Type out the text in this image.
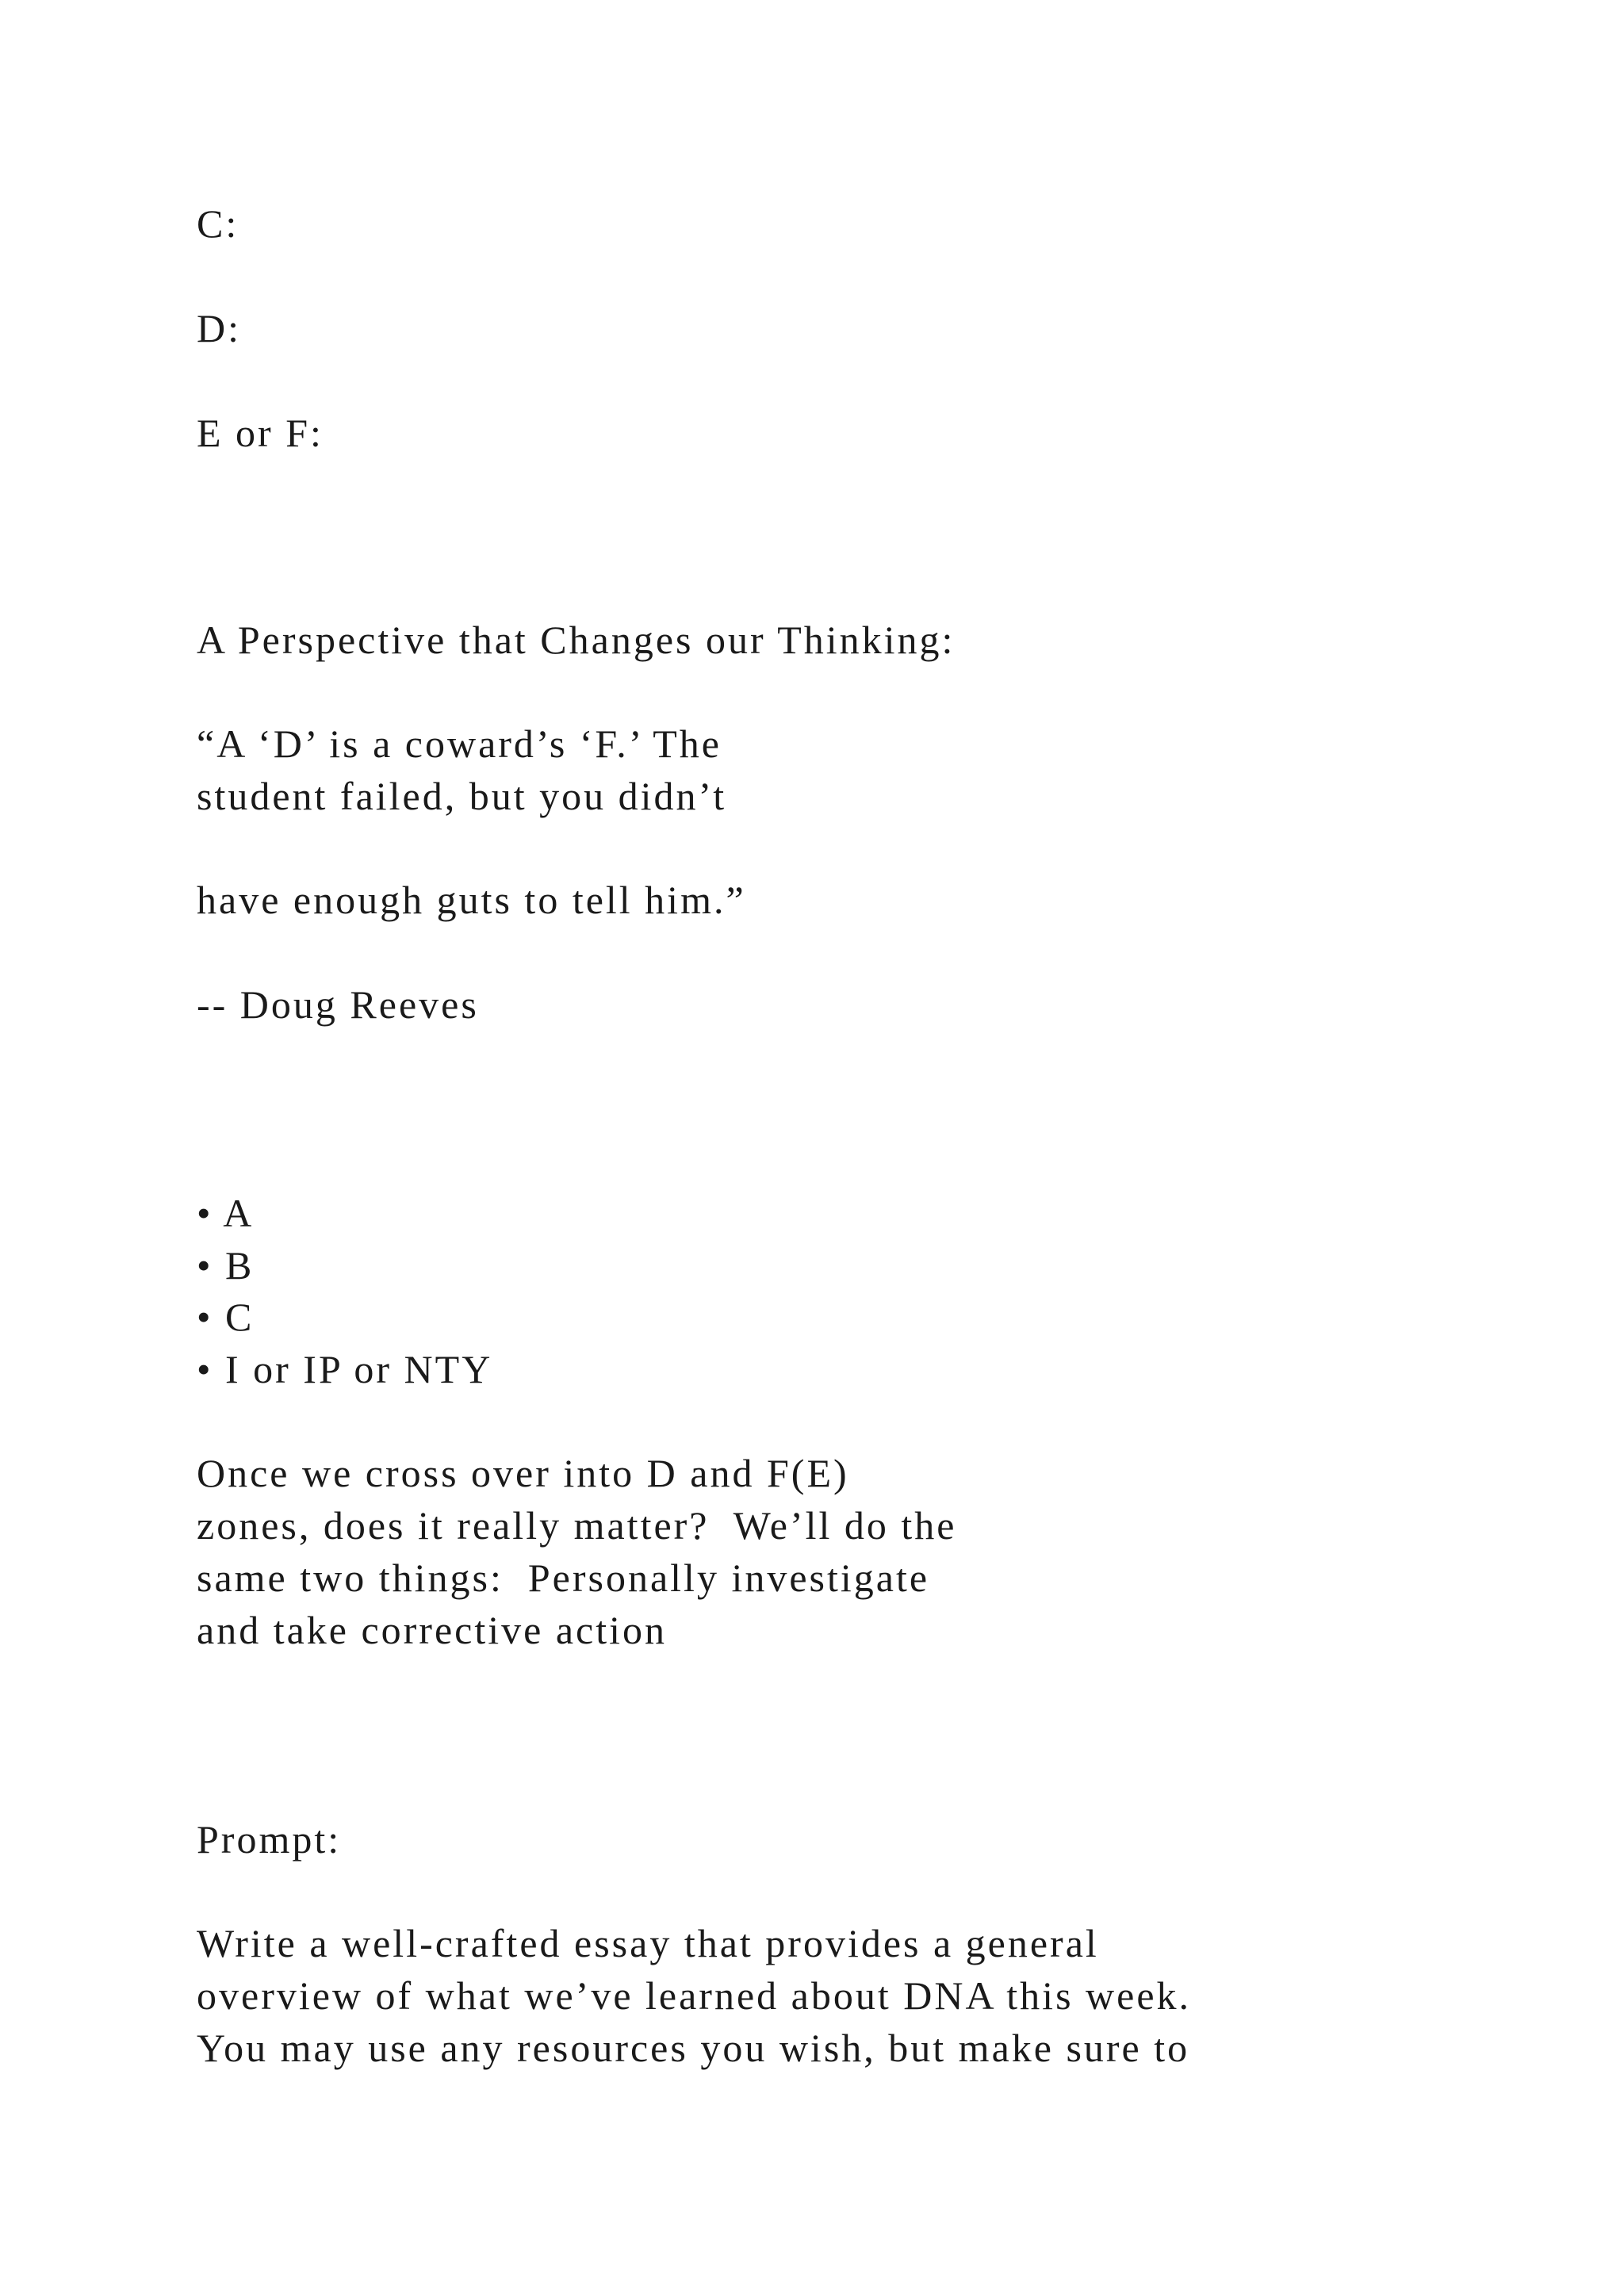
C:

D:

E or F:

A Perspective that Changes our Thinking:

“A ‘D’ is a coward’s ‘F.’ The

student failed, but you didn’t

have enough guts to tell him.”

-- Doug Reeves

• A

• B

• C

• I or IP or NTY

Once we cross over into D and F(E)

zones, does it really matter?  We’ll do the

same two things:  Personally investigate

and take corrective action

Prompt:

Write a well-crafted essay that provides a general

overview of what we’ve learned about DNA this week.

You may use any resources you wish, but make sure to
